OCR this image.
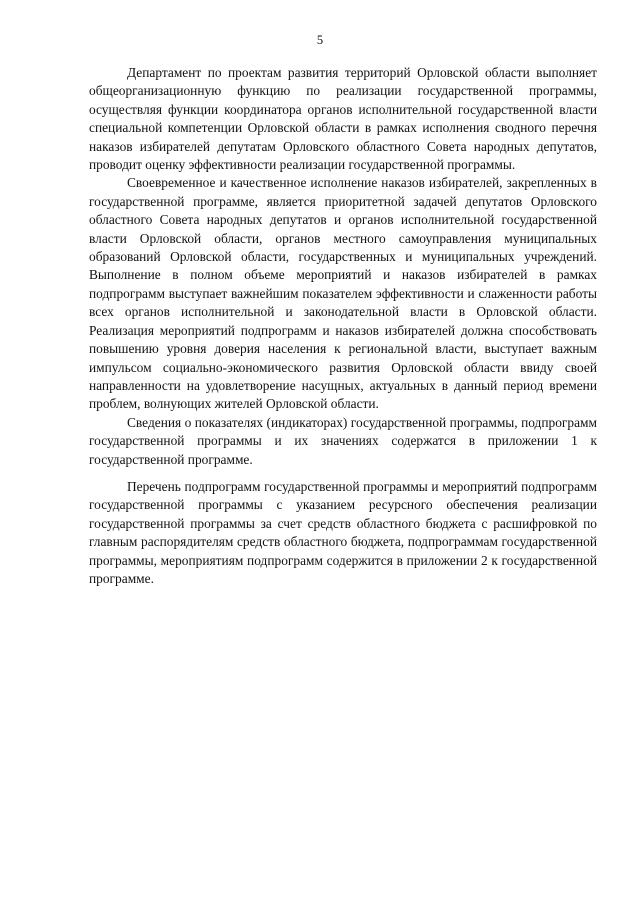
5

Департамент по проектам развития территорий Орловской области выполняет общеорганизационную функцию по реализации государственной программы, осуществляя функции координатора органов исполнительной государственной власти специальной компетенции Орловской области в рамках исполнения сводного перечня наказов избирателей депутатам Орловского областного Совета народных депутатов, проводит оценку эффективности реализации государственной программы.

Своевременное и качественное исполнение наказов избирателей, закрепленных в государственной программе, является приоритетной задачей депутатов Орловского областного Совета народных депутатов и органов исполнительной государственной власти Орловской области, органов местного самоуправления муниципальных образований Орловской области, государственных и муниципальных учреждений. Выполнение в полном объеме мероприятий и наказов избирателей в рамках подпрограмм выступает важнейшим показателем эффективности и слаженности работы всех органов исполнительной и законодательной власти в Орловской области. Реализация мероприятий подпрограмм и наказов избирателей должна способствовать повышению уровня доверия населения к региональной власти, выступает важным импульсом социально-экономического развития Орловской области ввиду своей направленности на удовлетворение насущных, актуальных в данный период времени проблем, волнующих жителей Орловской области.

Сведения о показателях (индикаторах) государственной программы, подпрограмм государственной программы и их значениях содержатся в приложении 1 к государственной программе.

Перечень подпрограмм государственной программы и мероприятий подпрограмм государственной программы с указанием ресурсного обеспечения реализации государственной программы за счет средств областного бюджета с расшифровкой по главным распорядителям средств областного бюджета, подпрограммам государственной программы, мероприятиям подпрограмм содержится в приложении 2 к государственной программе.
